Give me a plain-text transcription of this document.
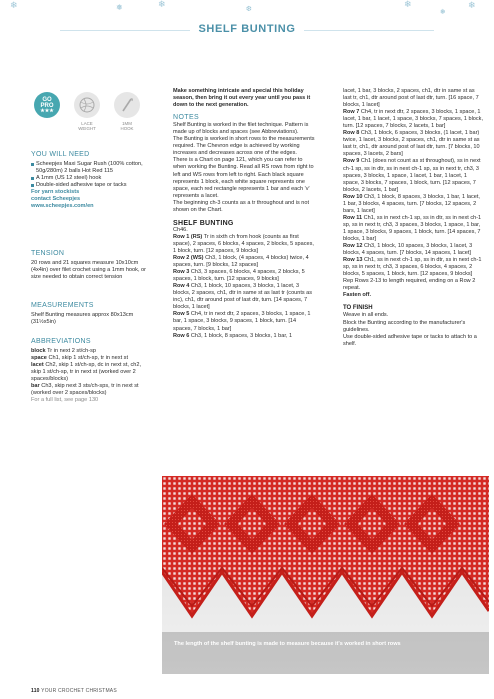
❄	❅	❄	❆	❄
❅
❄
SHELF BUNTING
GO
PRO
★★★
LACE
WEIGHT
1MM
HOOK
YOU WILL NEED
Scheepjes Maxi Sugar Rush (100% cotton, 50g/280m) 2 balls Hot Red 115
A 1mm (US 12 steel) hook
Double-sided adhesive tape or tacks
For yarn stockists
contact Scheepjes
www.scheepjes.com/en
TENSION
20 rows and 21 squares measure 10x10cm (4x4in) over filet crochet using a 1mm hook, or size needed to obtain correct tension
MEASUREMENTS
Shelf Bunting measures approx 80x13cm (31½x5in)
ABBREVIATIONS
block Tr in next 2 st/ch-sp
space Ch1, skip 1 st/ch-sp, tr in next st
lacet Ch2, skip 1 st/ch-sp, dc in next st, ch2, skip 1 st/ch-sp, tr in next st (worked over 2 spaces/blocks)
bar Ch3, skip next 3 sts/ch-sps, tr in next st (worked over 2 spaces/blocks)
For a full list, see page 130

Make something intricate and special this holiday season, then bring it out every year until you pass it down to the next generation.

NOTES

Shelf Bunting is worked in the filet technique. Pattern is made up of blocks and spaces (see Abbreviations).

The Bunting is worked in short rows to the measurements required. The Chevron edge is achieved by working increases and decreases across one of the edges.

There is a Chart on page 121, which you can refer to when working the Bunting. Read all RS rows from right to left and WS rows from left to right. Each black square represents 1 block, each white square represents one space, each red rectangle represents 1 bar and each 'v' represents a lacet.

The beginning ch-3 counts as a tr throughout and is not shown on the Chart.

SHELF BUNTING

Ch46.

Row 1 (RS) Tr in sixth ch from hook (counts as first space), 2 spaces, 6 blocks, 4 spaces, 2 blocks, 5 spaces, 1 block, turn. [12 spaces, 9 blocks]

Row 2 (WS) Ch3, 1 block, (4 spaces, 4 blocks) twice, 4 spaces, turn. [9 blocks, 12 spaces]

Row 3 Ch3, 3 spaces, 6 blocks, 4 spaces, 2 blocks, 5 spaces, 1 block, turn. [12 spaces, 9 blocks]

Row 4 Ch3, 1 block, 10 spaces, 3 blocks, 1 lacet, 3 blocks, 2 spaces, ch1, dtr in same st as last tr (counts as inc), ch1, dtr around post of last dtr, turn. [14 spaces, 7 blocks, 1 lacet]

Row 5 Ch4, tr in next dtr, 2 spaces, 3 blocks, 1 space, 1 bar, 1 space, 3 blocks, 9 spaces, 1 block, turn. [14 spaces, 7 blocks, 1 bar]

Row 6 Ch3, 1 block, 8 spaces, 3 blocks, 1 bar, 1

lacet, 1 bar, 3 blocks, 2 spaces, ch1, dtr in same st as last tr, ch1, dtr around post of last dtr, turn. [16 space, 7 blocks, 1 lacet]

Row 7 Ch4, tr in next dtr, 2 spaces, 3 blocks, 1 space, 1 lacet, 1 bar, 1 lacet, 1 space, 3 blocks, 7 spaces, 1 block, turn. [12 spaces, 7 blocks, 2 lacets, 1 bar]

Row 8 Ch3, 1 block, 6 spaces, 3 blocks, (1 lacet, 1 bar) twice, 1 lacet, 3 blocks, 2 spaces, ch1, dtr in same st as last tr, ch1, dtr around post of last dtr, turn. [7 blocks, 10 spaces, 3 lacets, 2 bars]

Row 9 Ch1 (does not count as st throughout), ss in next ch-1 sp, ss in dtr, ss in next ch-1 sp, ss in next tr, ch3, 3 spaces, 3 blocks, 1 space, 1 lacet, 1 bar, 1 lacet, 1 space, 3 blocks, 7 spaces, 1 block, turn. [12 spaces, 7 blocks, 2 lacets, 1 bar]

Row 10 Ch3, 1 block, 8 spaces, 3 blocks, 1 bar, 1 lacet, 1 bar, 3 blocks, 4 spaces, turn. [7 blocks, 12 spaces, 2 bars, 1 lacet]

Row 11 Ch1, ss in next ch-1 sp, ss in dtr, ss in next ch-1 sp, ss in next tr, ch3, 3 spaces, 3 blocks, 1 space, 1 bar, 1 space, 3 blocks, 9 spaces, 1 block, turn. [14 spaces, 7 blocks, 1 bar]

Row 12 Ch3, 1 block, 10 spaces, 3 blocks, 1 lacet, 3 blocks, 4 spaces, turn. [7 blocks, 14 spaces, 1 lacet]

Row 13 Ch1, ss in next ch-1 sp, ss in dtr, ss in next ch-1 sp, ss in next tr, ch3, 3 spaces, 6 blocks, 4 spaces, 2 blocks, 5 spaces, 1 block, turn. [12 spaces, 9 blocks]

Rep Rows 2-13 to length required, ending on a Row 2 repeat.

Fasten off.

TO FINISH

Weave in all ends.

Block the Bunting according to the manufacturer's guidelines.

Use double-sided adhesive tape or tacks to attach to a shelf.

The length of the shelf bunting is made to measure because it's worked in short rows
110 YOUR CROCHET CHRISTMAS
